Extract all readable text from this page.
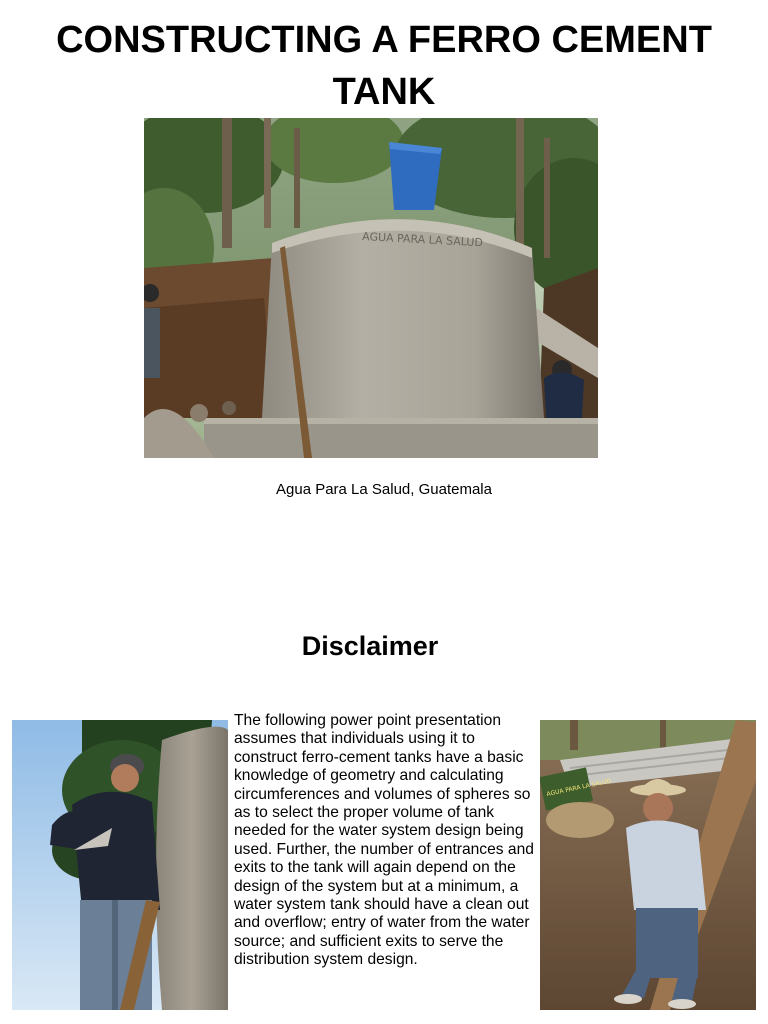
CONSTRUCTING A FERRO CEMENT TANK
AGUA PARA LA SALUD
Agua Para La Salud, Guatemala
Disclaimer
The following power point presentation assumes that individuals using it to construct ferro-cement tanks have a basic knowledge of geometry and calculating circumferences and volumes of spheres so as to select the proper volume of tank needed for the water system design being used. Further, the number of entrances and exits to the tank will again depend on the design of the system but at a minimum, a water system tank should have a clean out and overflow; entry of water from the water source; and sufficient exits to serve the distribution system design.
AGUA PARA LA SALUD
